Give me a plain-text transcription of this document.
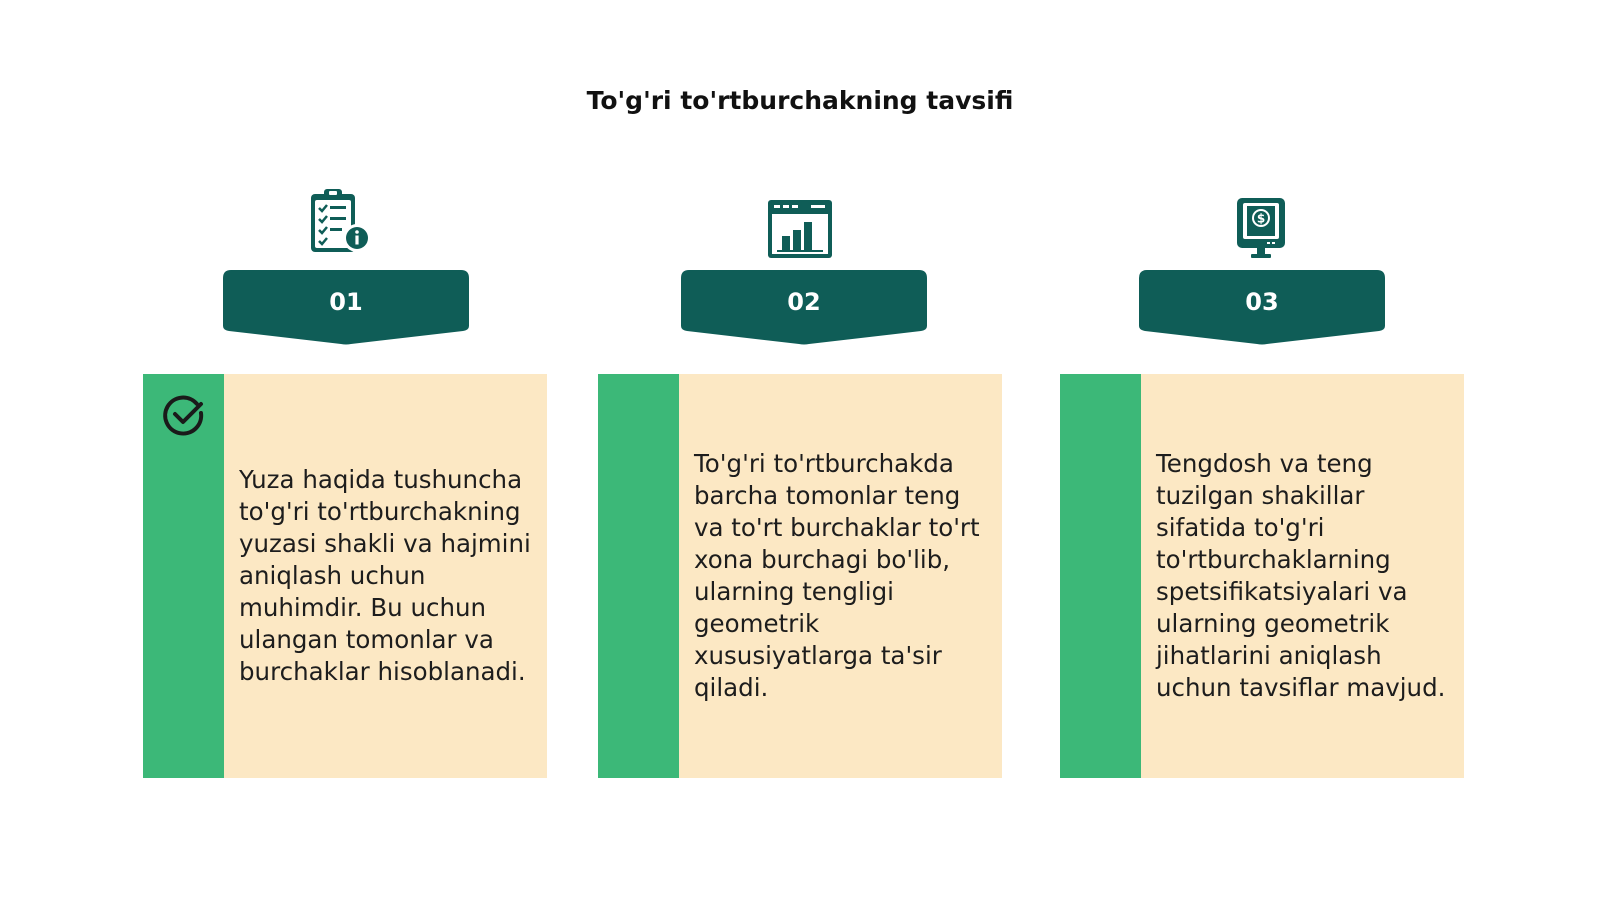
To'g'ri to'rtburchakning tavsifi
01
Yuza haqida tushuncha to'g'ri to'rtburchakning yuzasi shakli va hajmini aniqlash uchun muhimdir. Bu uchun ulangan tomonlar va burchaklar hisoblanadi.
02
To'g'ri to'rtburchakda barcha tomonlar teng va to'rt burchaklar to'rt xona burchagi bo'lib, ularning tengligi geometrik xususiyatlarga ta'sir qiladi.
$
03
Tengdosh va teng tuzilgan shakillar sifatida to'g'ri to'rtburchaklarning spetsifikatsiyalari va ularning geometrik jihatlarini aniqlash uchun tavsiflar mavjud.
